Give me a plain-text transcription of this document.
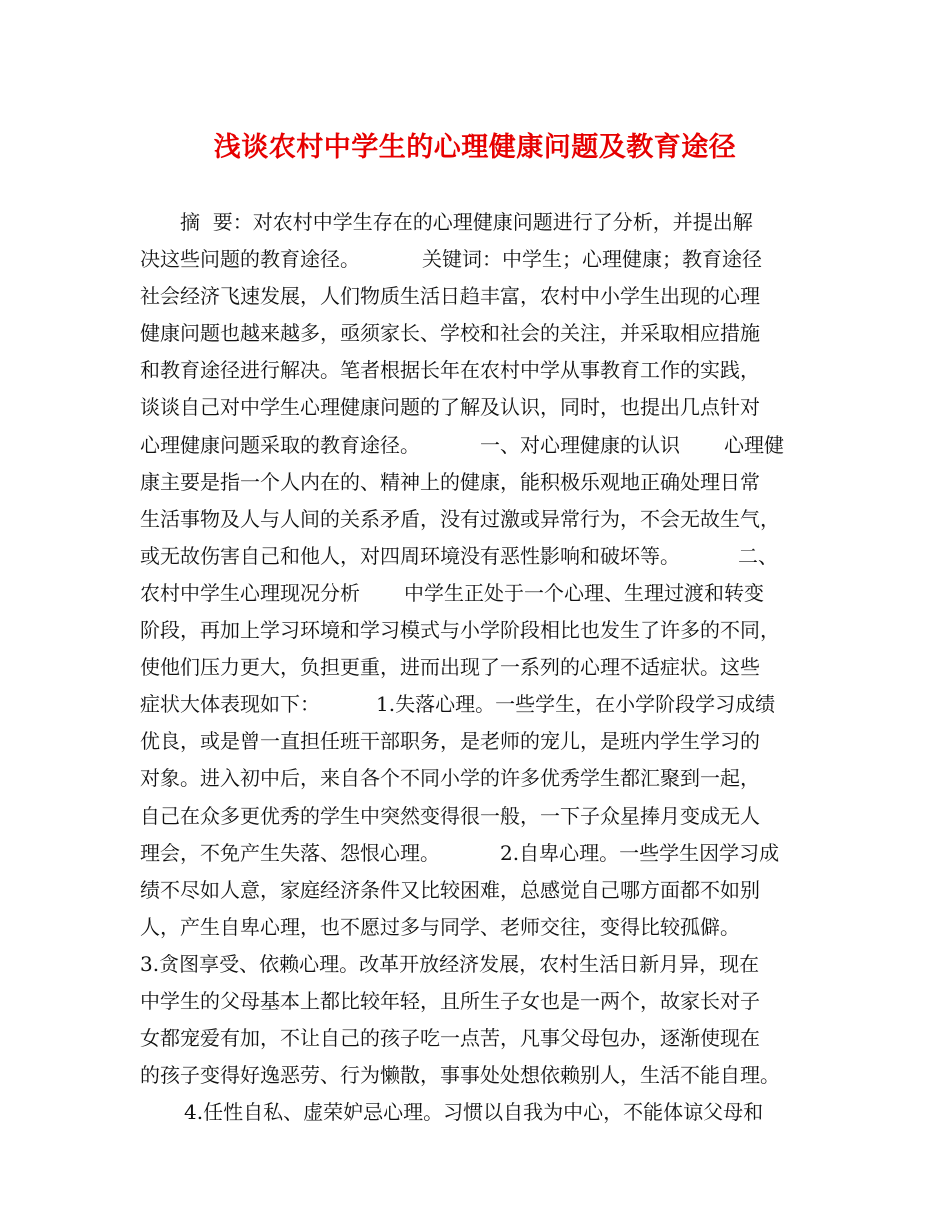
浅谈农村中学生的心理健康问题及教育途径
摘  要：对农村中学生存在的心理健康问题进行了分析，并提出解
决这些问题的教育途径。	关键词：中学生；心理健康；教育途径
社会经济飞速发展，人们物质生活日趋丰富，农村中小学生出现的心理
健康问题也越来越多，亟须家长、学校和社会的关注，并采取相应措施
和教育途径进行解决。笔者根据长年在农村中学从事教育工作的实践，
谈谈自己对中学生心理健康问题的了解及认识，同时，也提出几点针对
心理健康问题采取的教育途径。	一、对心理健康的认识 心理健
康主要是指一个人内在的、精神上的健康，能积极乐观地正确处理日常
生活事物及人与人间的关系矛盾，没有过激或异常行为，不会无故生气，
或无故伤害自己和他人，对四周环境没有恶性影响和破坏等。	二、
农村中学生心理现况分析 中学生正处于一个心理、生理过渡和转变
阶段，再加上学习环境和学习模式与小学阶段相比也发生了许多的不同，
使他们压力更大，负担更重，进而出现了一系列的心理不适症状。这些
症状大体表现如下：	1.失落心理。一些学生，在小学阶段学习成绩
优良，或是曾一直担任班干部职务，是老师的宠儿，是班内学生学习的
对象。进入初中后，来自各个不同小学的许多优秀学生都汇聚到一起，
自己在众多更优秀的学生中突然变得很一般，一下子众星捧月变成无人
理会，不免产生失落、怨恨心理。	2.自卑心理。一些学生因学习成
绩不尽如人意，家庭经济条件又比较困难，总感觉自己哪方面都不如别
人，产生自卑心理，也不愿过多与同学、老师交往，变得比较孤僻。
3.贪图享受、依赖心理。改革开放经济发展，农村生活日新月异，现在
中学生的父母基本上都比较年轻，且所生子女也是一两个，故家长对子
女都宠爱有加，不让自己的孩子吃一点苦，凡事父母包办，逐渐使现在
的孩子变得好逸恶劳、行为懒散，事事处处想依赖别人，生活不能自理。
4.任性自私、虚荣妒忌心理。习惯以自我为中心，不能体谅父母和
